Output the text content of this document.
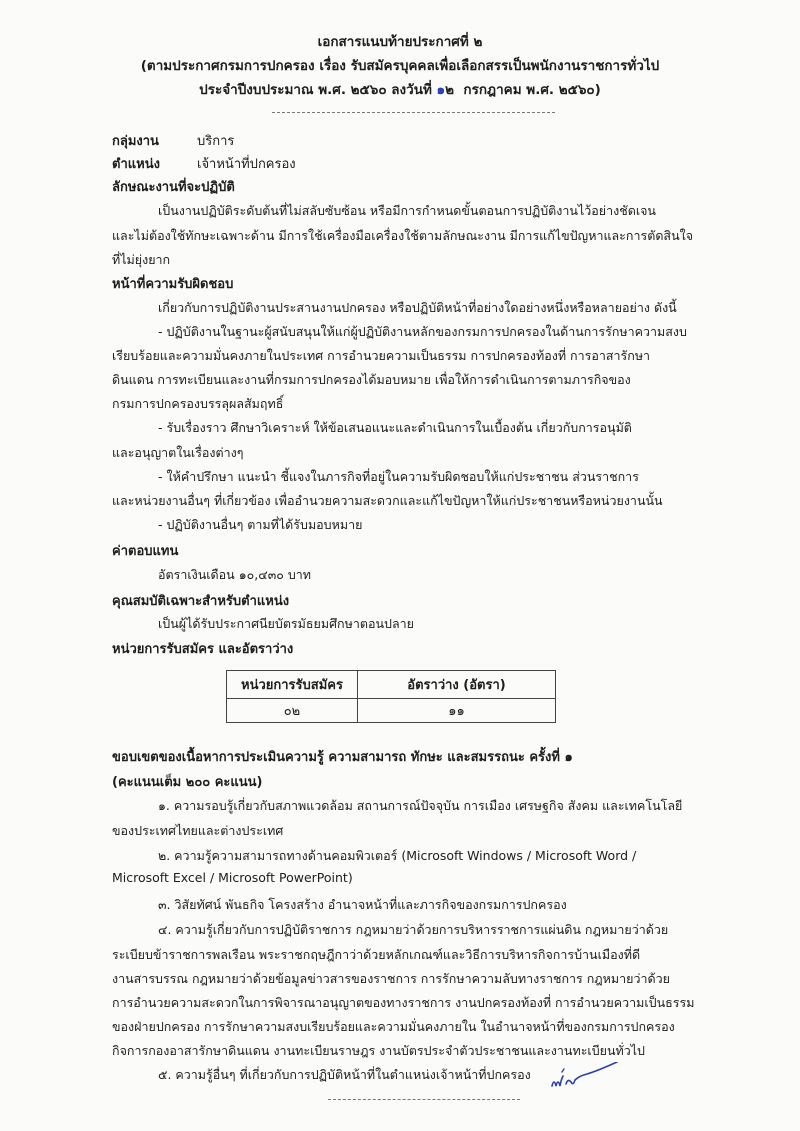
เอกสารแนบท้ายประกาศที่ ๒
(ตามประกาศกรมการปกครอง เรื่อง รับสมัครบุคคลเพื่อเลือกสรรเป็นพนักงานราชการทั่วไป
ประจำปีงบประมาณ พ.ศ. ๒๕๖๐ ลงวันที่ ๑๒  กรกฎาคม พ.ศ. ๒๕๖๐)
กลุ่มงาน	บริการ
ตำแหน่ง	เจ้าหน้าที่ปกครอง
ลักษณะงานที่จะปฏิบัติ
เป็นงานปฏิบัติระดับต้นที่ไม่สลับซับซ้อน หรือมีการกำหนดขั้นตอนการปฏิบัติงานไว้อย่างชัดเจน
และไม่ต้องใช้ทักษะเฉพาะด้าน มีการใช้เครื่องมือเครื่องใช้ตามลักษณะงาน มีการแก้ไขปัญหาและการตัดสินใจ
ที่ไม่ยุ่งยาก
หน้าที่ความรับผิดชอบ
เกี่ยวกับการปฏิบัติงานประสานงานปกครอง หรือปฏิบัติหน้าที่อย่างใดอย่างหนึ่งหรือหลายอย่าง ดังนี้
- ปฏิบัติงานในฐานะผู้สนับสนุนให้แก่ผู้ปฏิบัติงานหลักของกรมการปกครองในด้านการรักษาความสงบ
เรียบร้อยและความมั่นคงภายในประเทศ การอำนวยความเป็นธรรม การปกครองท้องที่ การอาสารักษา
ดินแดน การทะเบียนและงานที่กรมการปกครองได้มอบหมาย เพื่อให้การดำเนินการตามภารกิจของ
กรมการปกครองบรรลุผลสัมฤทธิ์
- รับเรื่องราว ศึกษาวิเคราะห์ ให้ข้อเสนอแนะและดำเนินการในเบื้องต้น เกี่ยวกับการอนุมัติ
และอนุญาตในเรื่องต่างๆ
- ให้คำปรึกษา แนะนำ ชี้แจงในภารกิจที่อยู่ในความรับผิดชอบให้แก่ประชาชน ส่วนราชการ
และหน่วยงานอื่นๆ ที่เกี่ยวข้อง เพื่ออำนวยความสะดวกและแก้ไขปัญหาให้แก่ประชาชนหรือหน่วยงานนั้น
- ปฏิบัติงานอื่นๆ ตามที่ได้รับมอบหมาย
ค่าตอบแทน
อัตราเงินเดือน ๑๐,๔๓๐ บาท
คุณสมบัติเฉพาะสำหรับตำแหน่ง
เป็นผู้ได้รับประกาศนียบัตรมัธยมศึกษาตอนปลาย
หน่วยการรับสมัคร และอัตราว่าง
หน่วยการรับสมัคร	อัตราว่าง (อัตรา)
๐๒	๑๑
ขอบเขตของเนื้อหาการประเมินความรู้ ความสามารถ ทักษะ และสมรรถนะ ครั้งที่ ๑
(คะแนนเต็ม ๒๐๐ คะแนน)
๑. ความรอบรู้เกี่ยวกับสภาพแวดล้อม สถานการณ์ปัจจุบัน การเมือง เศรษฐกิจ สังคม และเทคโนโลยี
ของประเทศไทยและต่างประเทศ
๒. ความรู้ความสามารถทางด้านคอมพิวเตอร์ (Microsoft Windows / Microsoft Word /
Microsoft Excel / Microsoft PowerPoint)
๓. วิสัยทัศน์ พันธกิจ โครงสร้าง อำนาจหน้าที่และภารกิจของกรมการปกครอง
๔. ความรู้เกี่ยวกับการปฏิบัติราชการ กฎหมายว่าด้วยการบริหารราชการแผ่นดิน กฎหมายว่าด้วย
ระเบียบข้าราชการพลเรือน พระราชกฤษฎีกาว่าด้วยหลักเกณฑ์และวิธีการบริหารกิจการบ้านเมืองที่ดี
งานสารบรรณ กฎหมายว่าด้วยข้อมูลข่าวสารของราชการ การรักษาความลับทางราชการ กฎหมายว่าด้วย
การอำนวยความสะดวกในการพิจารณาอนุญาตของทางราชการ งานปกครองท้องที่ การอำนวยความเป็นธรรม
ของฝ่ายปกครอง การรักษาความสงบเรียบร้อยและความมั่นคงภายใน ในอำนาจหน้าที่ของกรมการปกครอง
กิจการกองอาสารักษาดินแดน งานทะเบียนราษฎร งานบัตรประจำตัวประชาชนและงานทะเบียนทั่วไป
๕. ความรู้อื่นๆ ที่เกี่ยวกับการปฏิบัติหน้าที่ในตำแหน่งเจ้าหน้าที่ปกครอง
